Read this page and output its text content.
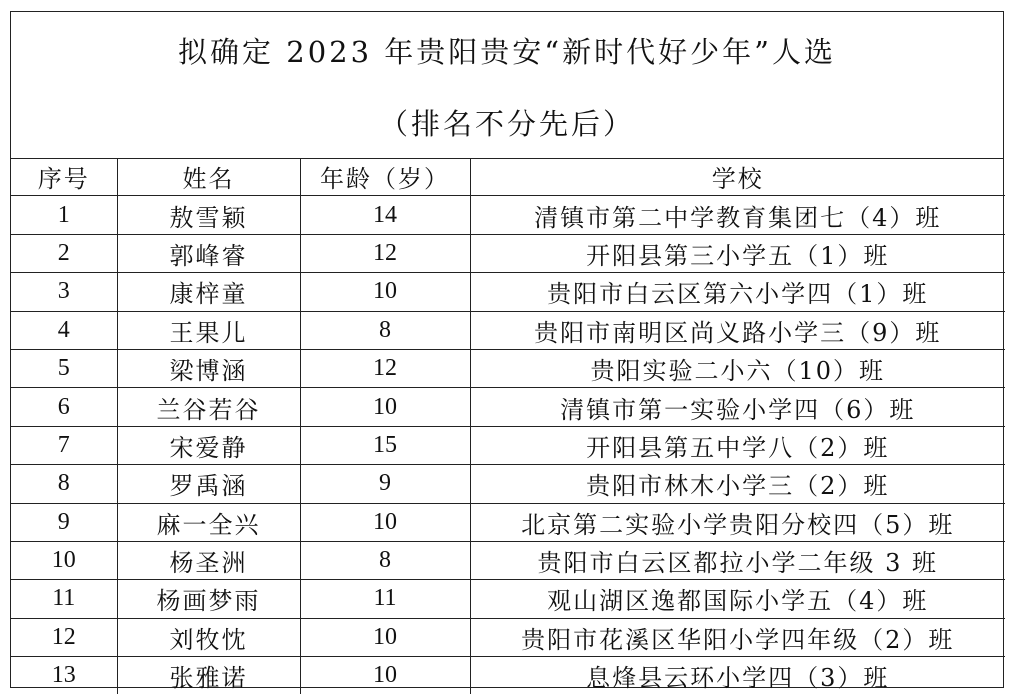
拟确定 2023 年贵阳贵安“新时代好少年”人选
（排名不分先后）
序号	姓名	年龄（岁）	学校
1	敖雪颖	14	清镇市第二中学教育集团七（4）班
2	郭峰睿	12	开阳县第三小学五（1）班
3	康梓童	10	贵阳市白云区第六小学四（1）班
4	王果儿	8	贵阳市南明区尚义路小学三（9）班
5	梁博涵	12	贵阳实验二小六（10）班
6	兰谷若谷	10	清镇市第一实验小学四（6）班
7	宋爱静	15	开阳县第五中学八（2）班
8	罗禹涵	9	贵阳市林木小学三（2）班
9	麻一全兴	10	北京第二实验小学贵阳分校四（5）班
10	杨圣洲	8	贵阳市白云区都拉小学二年级 3 班
11	杨画梦雨	11	观山湖区逸都国际小学五（4）班
12	刘牧忱	10	贵阳市花溪区华阳小学四年级（2）班
13	张雅诺	10	息烽县云环小学四（3）班
